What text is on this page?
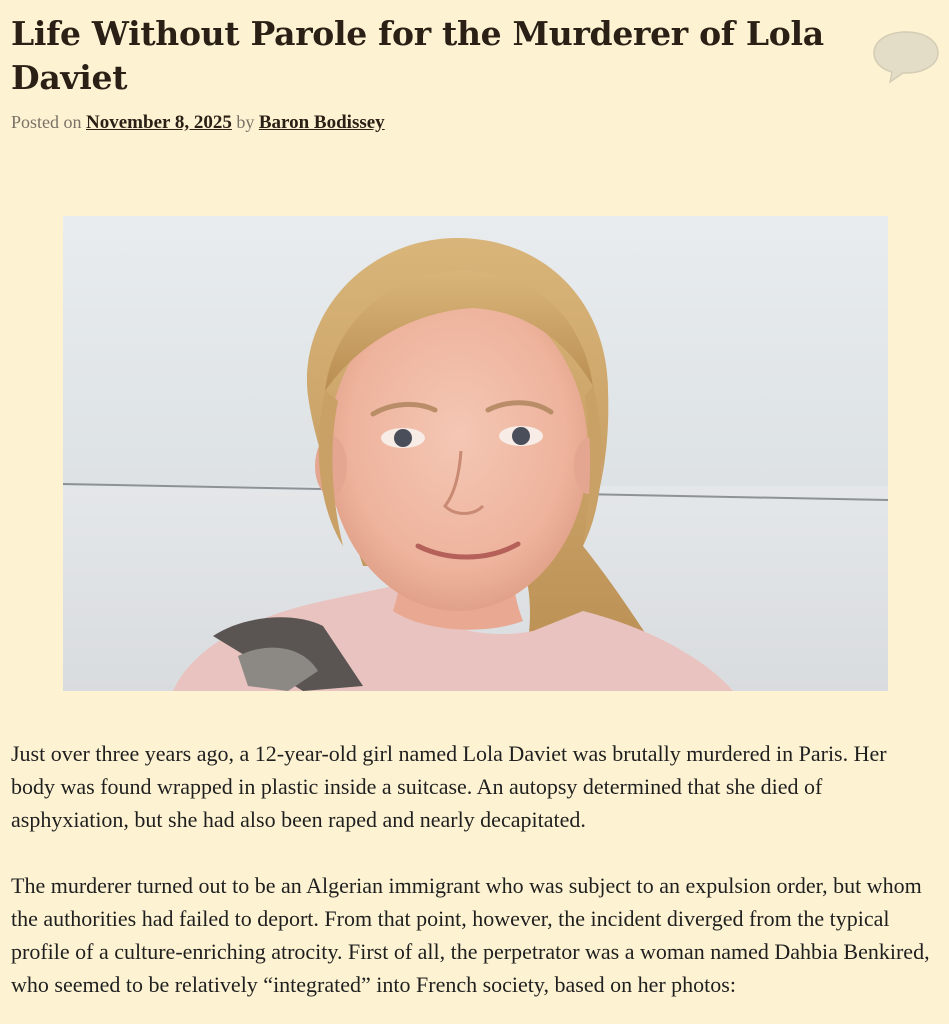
Life Without Parole for the Murderer of Lola Daviet
Posted on November 8, 2025 by Baron Bodissey

Just over three years ago, a 12-year-old girl named Lola Daviet was brutally murdered in Paris. Her body was found wrapped in plastic inside a suitcase. An autopsy determined that she died of asphyxiation, but she had also been raped and nearly decapitated.

The murderer turned out to be an Algerian immigrant who was subject to an expulsion order, but whom the authorities had failed to deport. From that point, however, the incident diverged from the typical profile of a culture-enriching atrocity. First of all, the perpetrator was a woman named Dahbia Benkired, who seemed to be relatively “integrated” into French society, based on her photos:
